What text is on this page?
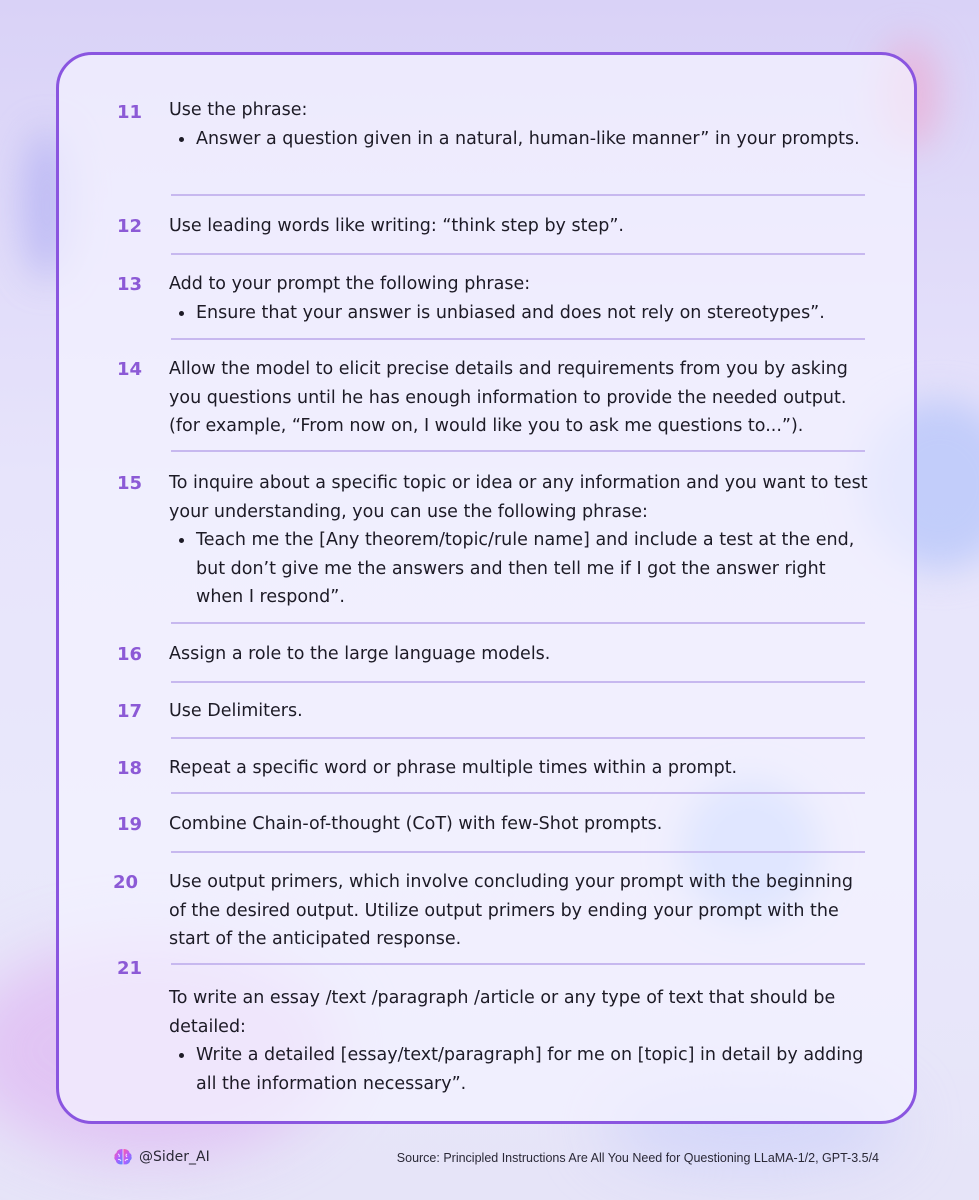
11	Use the phrase:
Answer a question given in a natural, human-like manner” in your prompts.
12	Use leading words like writing: “think step by step”.
13	Add to your prompt the following phrase:
Ensure that your answer is unbiased and does not rely on stereotypes”.
14	Allow the model to elicit precise details and requirements from you by asking you questions until he has enough information to provide the needed output. (for example, “From now on, I would like you to ask me questions to...”).
15	To inquire about a specific topic or idea or any information and you want to test your understanding, you can use the following phrase:
Teach me the [Any theorem/topic/rule name] and include a test at the end, but don’t give me the answers and then tell me if I got the answer right when I respond”.
16	Assign a role to the large language models.
17	Use Delimiters.
18	Repeat a specific word or phrase multiple times within a prompt.
19	Combine Chain-of-thought (CoT) with few-Shot prompts.
20	Use output primers, which involve concluding your prompt with the beginning of the desired output. Utilize output primers by ending your prompt with the start of the anticipated response.
21
To write an essay /text /paragraph /article or any type of text that should be detailed:
Write a detailed [essay/text/paragraph] for me on [topic] in detail by adding all the information necessary”.
@Sider_AI	Source: Principled Instructions Are All You Need for Questioning LLaMA-1/2, GPT-3.5/4
